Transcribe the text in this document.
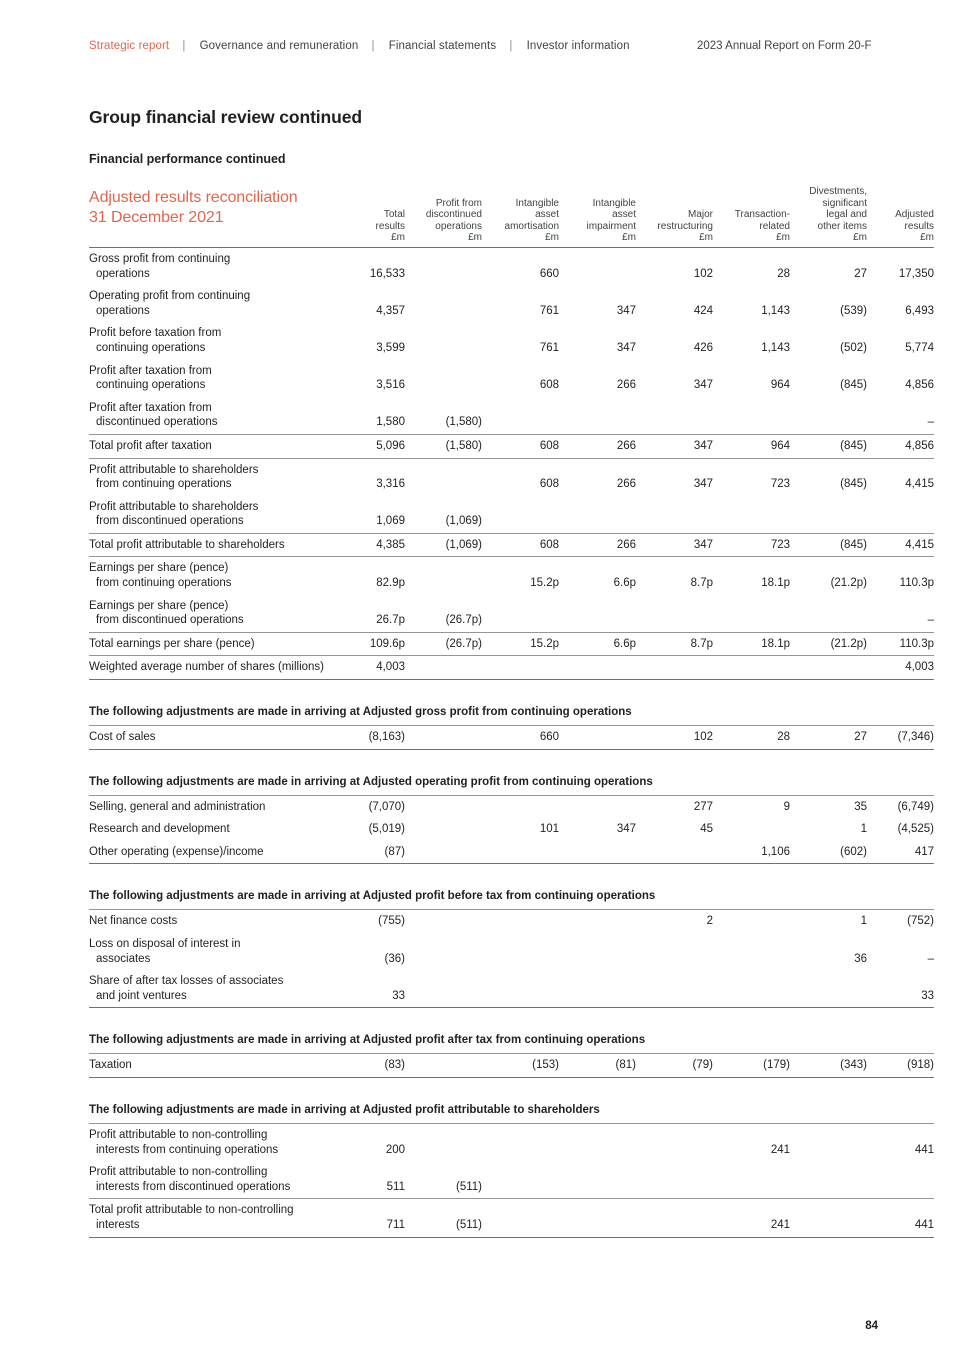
Strategic report | Governance and remuneration | Financial statements | Investor information	2023 Annual Report on Form 20-F
Group financial review continued
Financial performance continued
Adjusted results reconciliation
31 December 2021

	Total
results
£m	Profit from
discontinued
operations
£m	Intangible
asset
amortisation
£m	Intangible
asset
impairment
£m	Major
restructuring
£m	Transaction-
related
£m	Divestments,
significant
legal and
other items
£m	Adjusted
results
£m

Gross profit from continuing
operations	16,533		660		102	28	27	17,350

Operating profit from continuing
operations	4,357		761	347	424	1,143	(539)	6,493

Profit before taxation from
continuing operations	3,599		761	347	426	1,143	(502)	5,774

Profit after taxation from
continuing operations	3,516		608	266	347	964	(845)	4,856

Profit after taxation from
discontinued operations	1,580	(1,580)						–

Total profit after taxation	5,096	(1,580)	608	266	347	964	(845)	4,856

Profit attributable to shareholders
from continuing operations	3,316		608	266	347	723	(845)	4,415

Profit attributable to shareholders
from discontinued operations	1,069	(1,069)						

Total profit attributable to shareholders	4,385	(1,069)	608	266	347	723	(845)	4,415

Earnings per share (pence)
from continuing operations	82.9p		15.2p	6.6p	8.7p	18.1p	(21.2p)	110.3p

Earnings per share (pence)
from discontinued operations	26.7p	(26.7p)						–

Total earnings per share (pence)	109.6p	(26.7p)	15.2p	6.6p	8.7p	18.1p	(21.2p)	110.3p

Weighted average number of shares (millions)	4,003							4,003

The following adjustments are made in arriving at Adjusted gross profit from continuing operations								

Cost of sales	(8,163)		660		102	28	27	(7,346)

The following adjustments are made in arriving at Adjusted operating profit from continuing operations								

Selling, general and administration	(7,070)				277	9	35	(6,749)

Research and development	(5,019)		101	347	45		1	(4,525)

Other operating (expense)/income	(87)					1,106	(602)	417

The following adjustments are made in arriving at Adjusted profit before tax from continuing operations								

Net finance costs	(755)				2		1	(752)

Loss on disposal of interest in
associates	(36)						36	–

Share of after tax losses of associates
and joint ventures	33							33

The following adjustments are made in arriving at Adjusted profit after tax from continuing operations								

Taxation	(83)		(153)	(81)	(79)	(179)	(343)	(918)

The following adjustments are made in arriving at Adjusted profit attributable to shareholders								

Profit attributable to non-controlling
interests from continuing operations	200					241		441

Profit attributable to non-controlling
interests from discontinued operations	511	(511)						

Total profit attributable to non-controlling
interests	711	(511)				241		441
84
